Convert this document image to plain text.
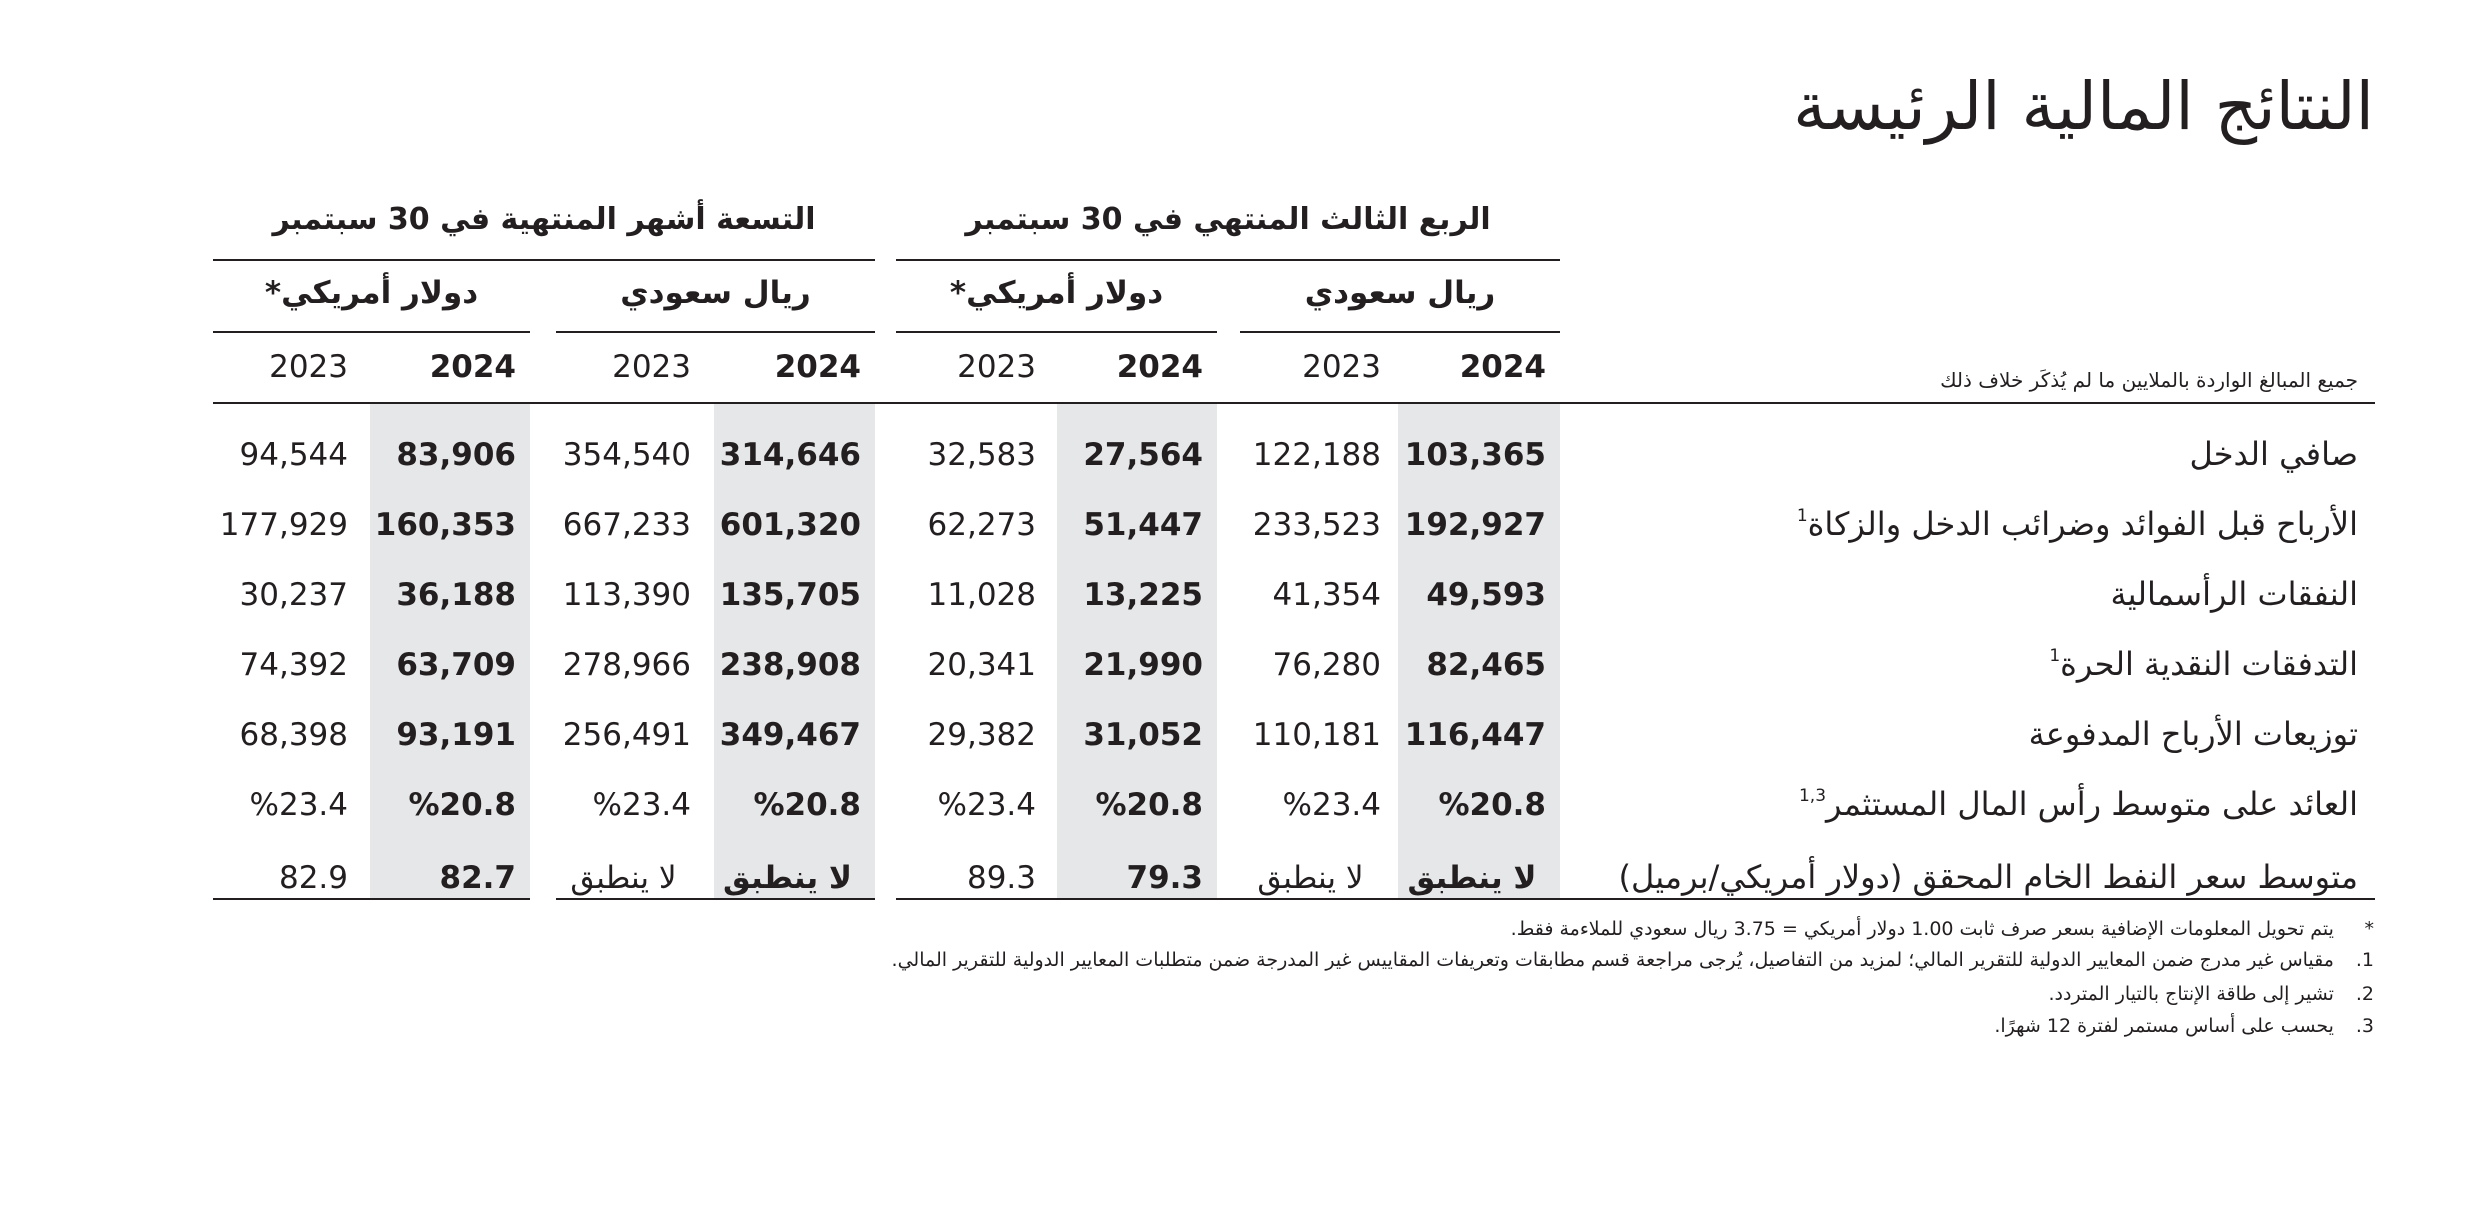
النتائج المالية الرئيسة
الربع الثالث المنتهي في 30 سبتمبر
التسعة أشهر المنتهية في 30 سبتمبر
ريال سعودي
دولار أمريكي*
ريال سعودي
دولار أمريكي*
2024
2023
2024
2023
2024
2023
2024
2023	جميع المبالغ الواردة بالملايين ما لم يُذكَر خلاف ذلك
صافي الدخل
103,365
122,188
27,564
32,583
314,646
354,540
83,906
94,544
الأرباح قبل الفوائد وضرائب الدخل والزكاة$^1$
192,927
233,523
51,447
62,273
601,320
667,233
160,353
177,929
النفقات الرأسمالية
49,593
41,354
13,225
11,028
135,705
113,390
36,188
30,237
التدفقات النقدية الحرة$^1$
82,465
76,280
21,990
20,341
238,908
278,966
63,709
74,392
توزيعات الأرباح المدفوعة
116,447
110,181
31,052
29,382
349,467
256,491
93,191
68,398
العائد على متوسط رأس المال المستثمر$^{1,3}$
%20.8
%23.4
%20.8
%23.4
%20.8
%23.4
%20.8
%23.4
متوسط سعر النفط الخام المحقق (دولار أمريكي/برميل)
لا ينطبق
لا ينطبق
79.3
89.3
لا ينطبق
لا ينطبق
82.7
82.9
* يتم تحويل المعلومات الإضافية بسعر صرف ثابت 1.00 دولار أمريكي = 3.75 ريال سعودي للملاءمة فقط.
1. مقياس غير مدرج ضمن المعايير الدولية للتقرير المالي؛ لمزيد من التفاصيل، يُرجى مراجعة قسم مطابقات وتعريفات المقاييس غير المدرجة ضمن متطلبات المعايير الدولية للتقرير المالي.
2. تشير إلى طاقة الإنتاج بالتيار المتردد.
3. يحسب على أساس مستمر لفترة 12 شهرًا.
